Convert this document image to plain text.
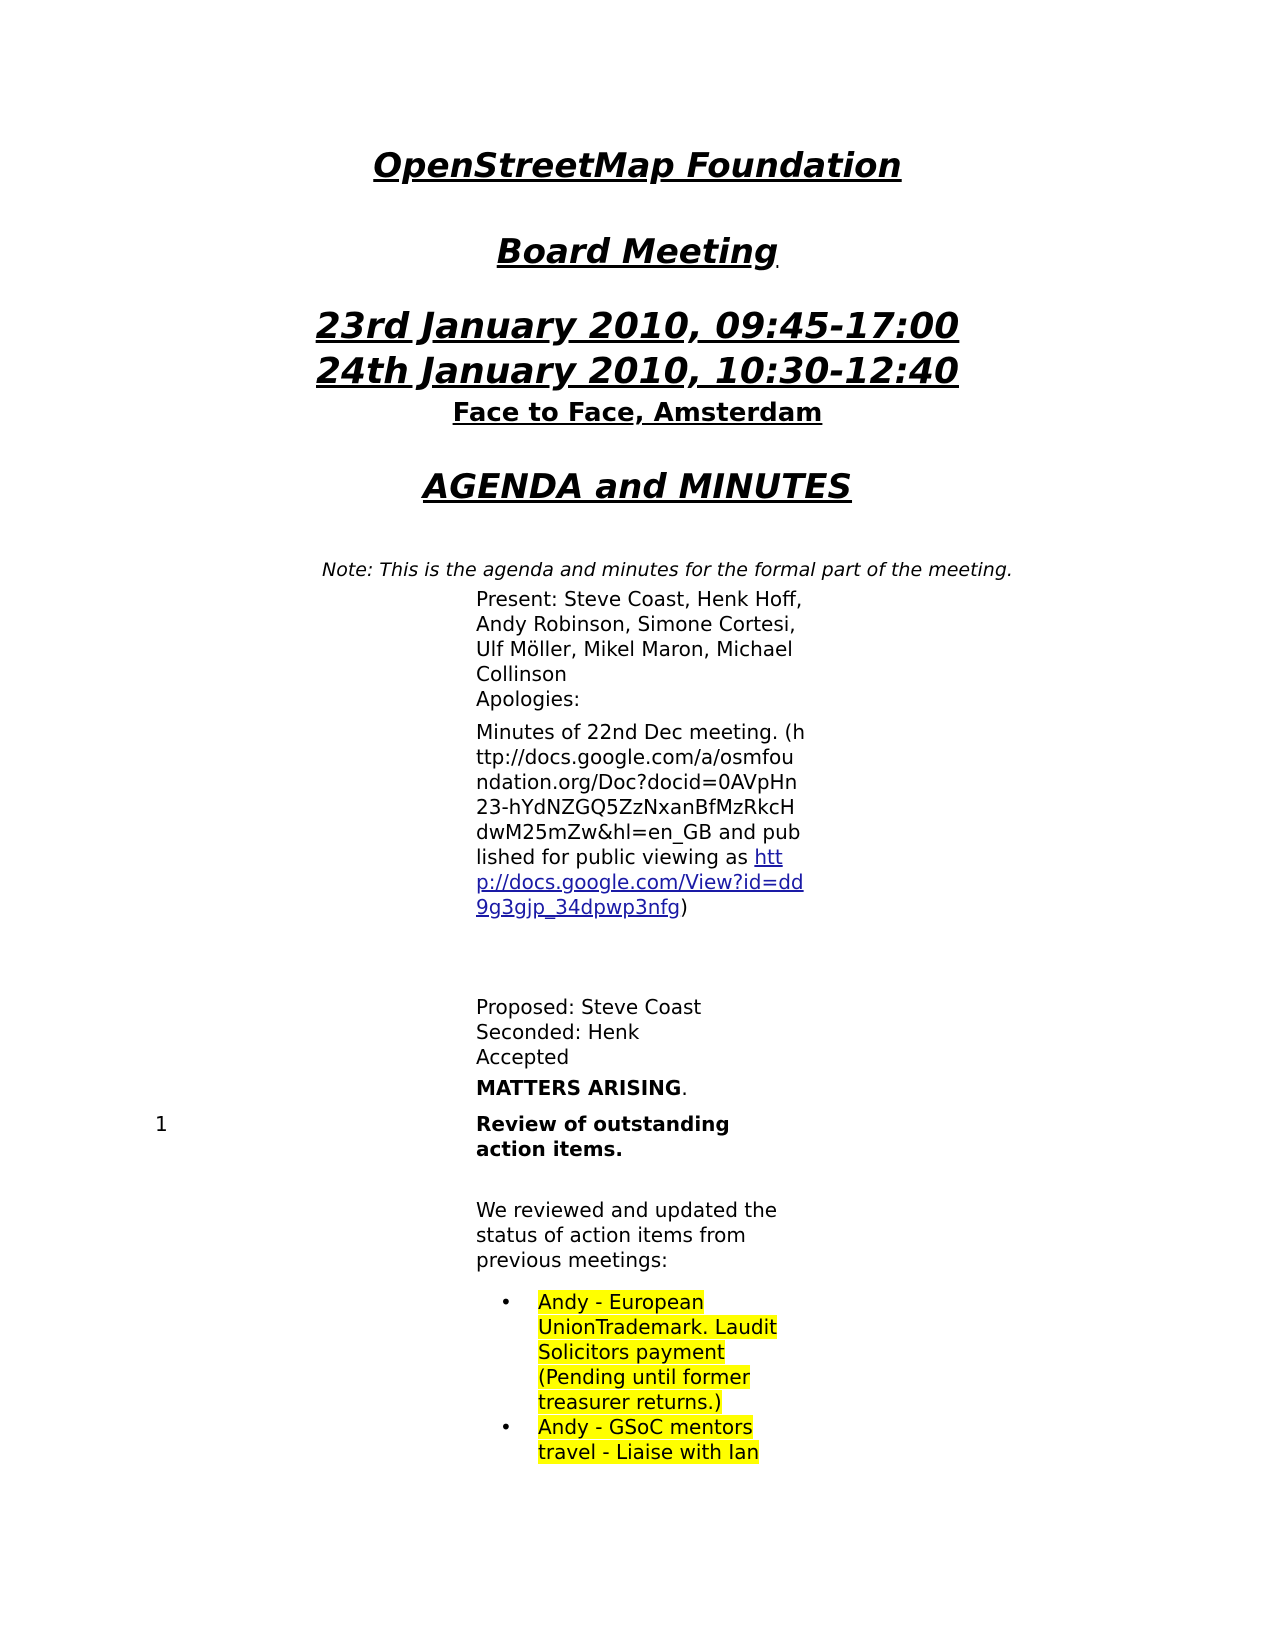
OpenStreetMap Foundation
Board Meeting
23rd January 2010, 09:45-17:00
24th January 2010, 10:30-12:40
Face to Face, Amsterdam
AGENDA and MINUTES
Note: This is the agenda and minutes for the formal part of the meeting.
Present: Steve Coast, Henk Hoff, Andy Robinson, Simone Cortesi, Ulf Möller, Mikel Maron, Michael Collinson
Apologies:
Minutes of 22nd Dec meeting. (http://docs.google.com/a/osmfoundation.org/Doc?docid=0AVpHn23-hYdNZGQ5ZzNxanBfMzRkcHdwM25mZw&hl=en_GB and published for public viewing as http://docs.google.com/View?id=dd9g3gjp_34dpwp3nfg)
Proposed: Steve Coast
Seconded: Henk
Accepted
MATTERS ARISING.
1	Review of outstanding action items.
We reviewed and updated the status of action items from previous meetings:
• Andy - European UnionTrademark. Laudit Solicitors payment (Pending until former treasurer returns.)
• Andy - GSoC mentors travel - Liaise with Ian
